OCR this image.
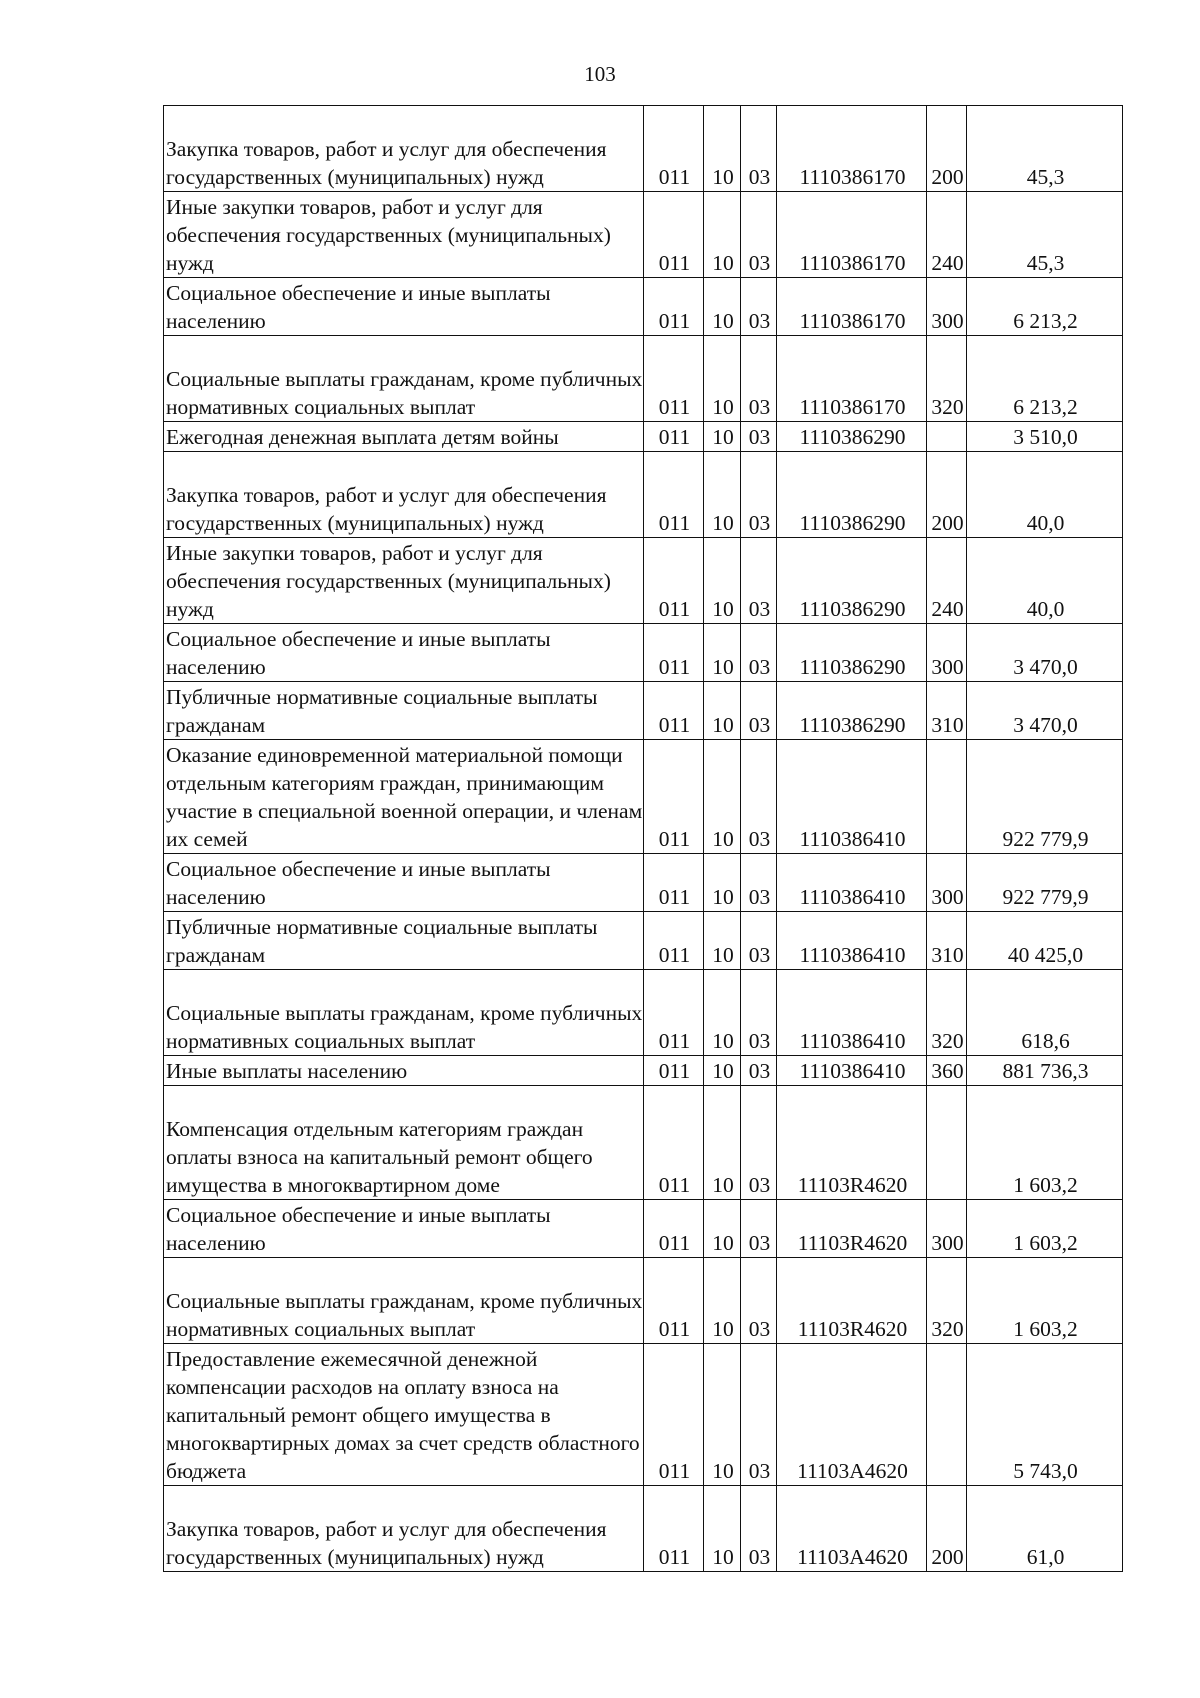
103
Закупка товаров, работ и услуг для обеспечения государственных (муниципальных) нужд	011	10	03	1110386170	200	45,3
Иные закупки товаров, работ и услуг для обеспечения государственных (муниципальных) нужд	011	10	03	1110386170	240	45,3
Социальное обеспечение и иные выплаты населению	011	10	03	1110386170	300	6 213,2
Социальные выплаты гражданам, кроме публичных нормативных социальных выплат	011	10	03	1110386170	320	6 213,2
Ежегодная денежная выплата детям войны	011	10	03	1110386290		3 510,0
Закупка товаров, работ и услуг для обеспечения государственных (муниципальных) нужд	011	10	03	1110386290	200	40,0
Иные закупки товаров, работ и услуг для обеспечения государственных (муниципальных) нужд	011	10	03	1110386290	240	40,0
Социальное обеспечение и иные выплаты населению	011	10	03	1110386290	300	3 470,0
Публичные нормативные социальные выплаты гражданам	011	10	03	1110386290	310	3 470,0
Оказание единовременной материальной помощи отдельным категориям граждан, принимающим участие в специальной военной операции, и членам их семей	011	10	03	1110386410		922 779,9
Социальное обеспечение и иные выплаты населению	011	10	03	1110386410	300	922 779,9
Публичные нормативные социальные выплаты гражданам	011	10	03	1110386410	310	40 425,0
Социальные выплаты гражданам, кроме публичных нормативных социальных выплат	011	10	03	1110386410	320	618,6
Иные выплаты населению	011	10	03	1110386410	360	881 736,3
Компенсация отдельным категориям граждан оплаты взноса на капитальный ремонт общего имущества в многоквартирном доме	011	10	03	11103R4620		1 603,2
Социальное обеспечение и иные выплаты населению	011	10	03	11103R4620	300	1 603,2
Социальные выплаты гражданам, кроме публичных нормативных социальных выплат	011	10	03	11103R4620	320	1 603,2
Предоставление ежемесячной денежной компенсации расходов на оплату взноса на капитальный ремонт общего имущества в многоквартирных домах за счет средств областного бюджета	011	10	03	11103A4620		5 743,0
Закупка товаров, работ и услуг для обеспечения государственных (муниципальных) нужд	011	10	03	11103A4620	200	61,0
